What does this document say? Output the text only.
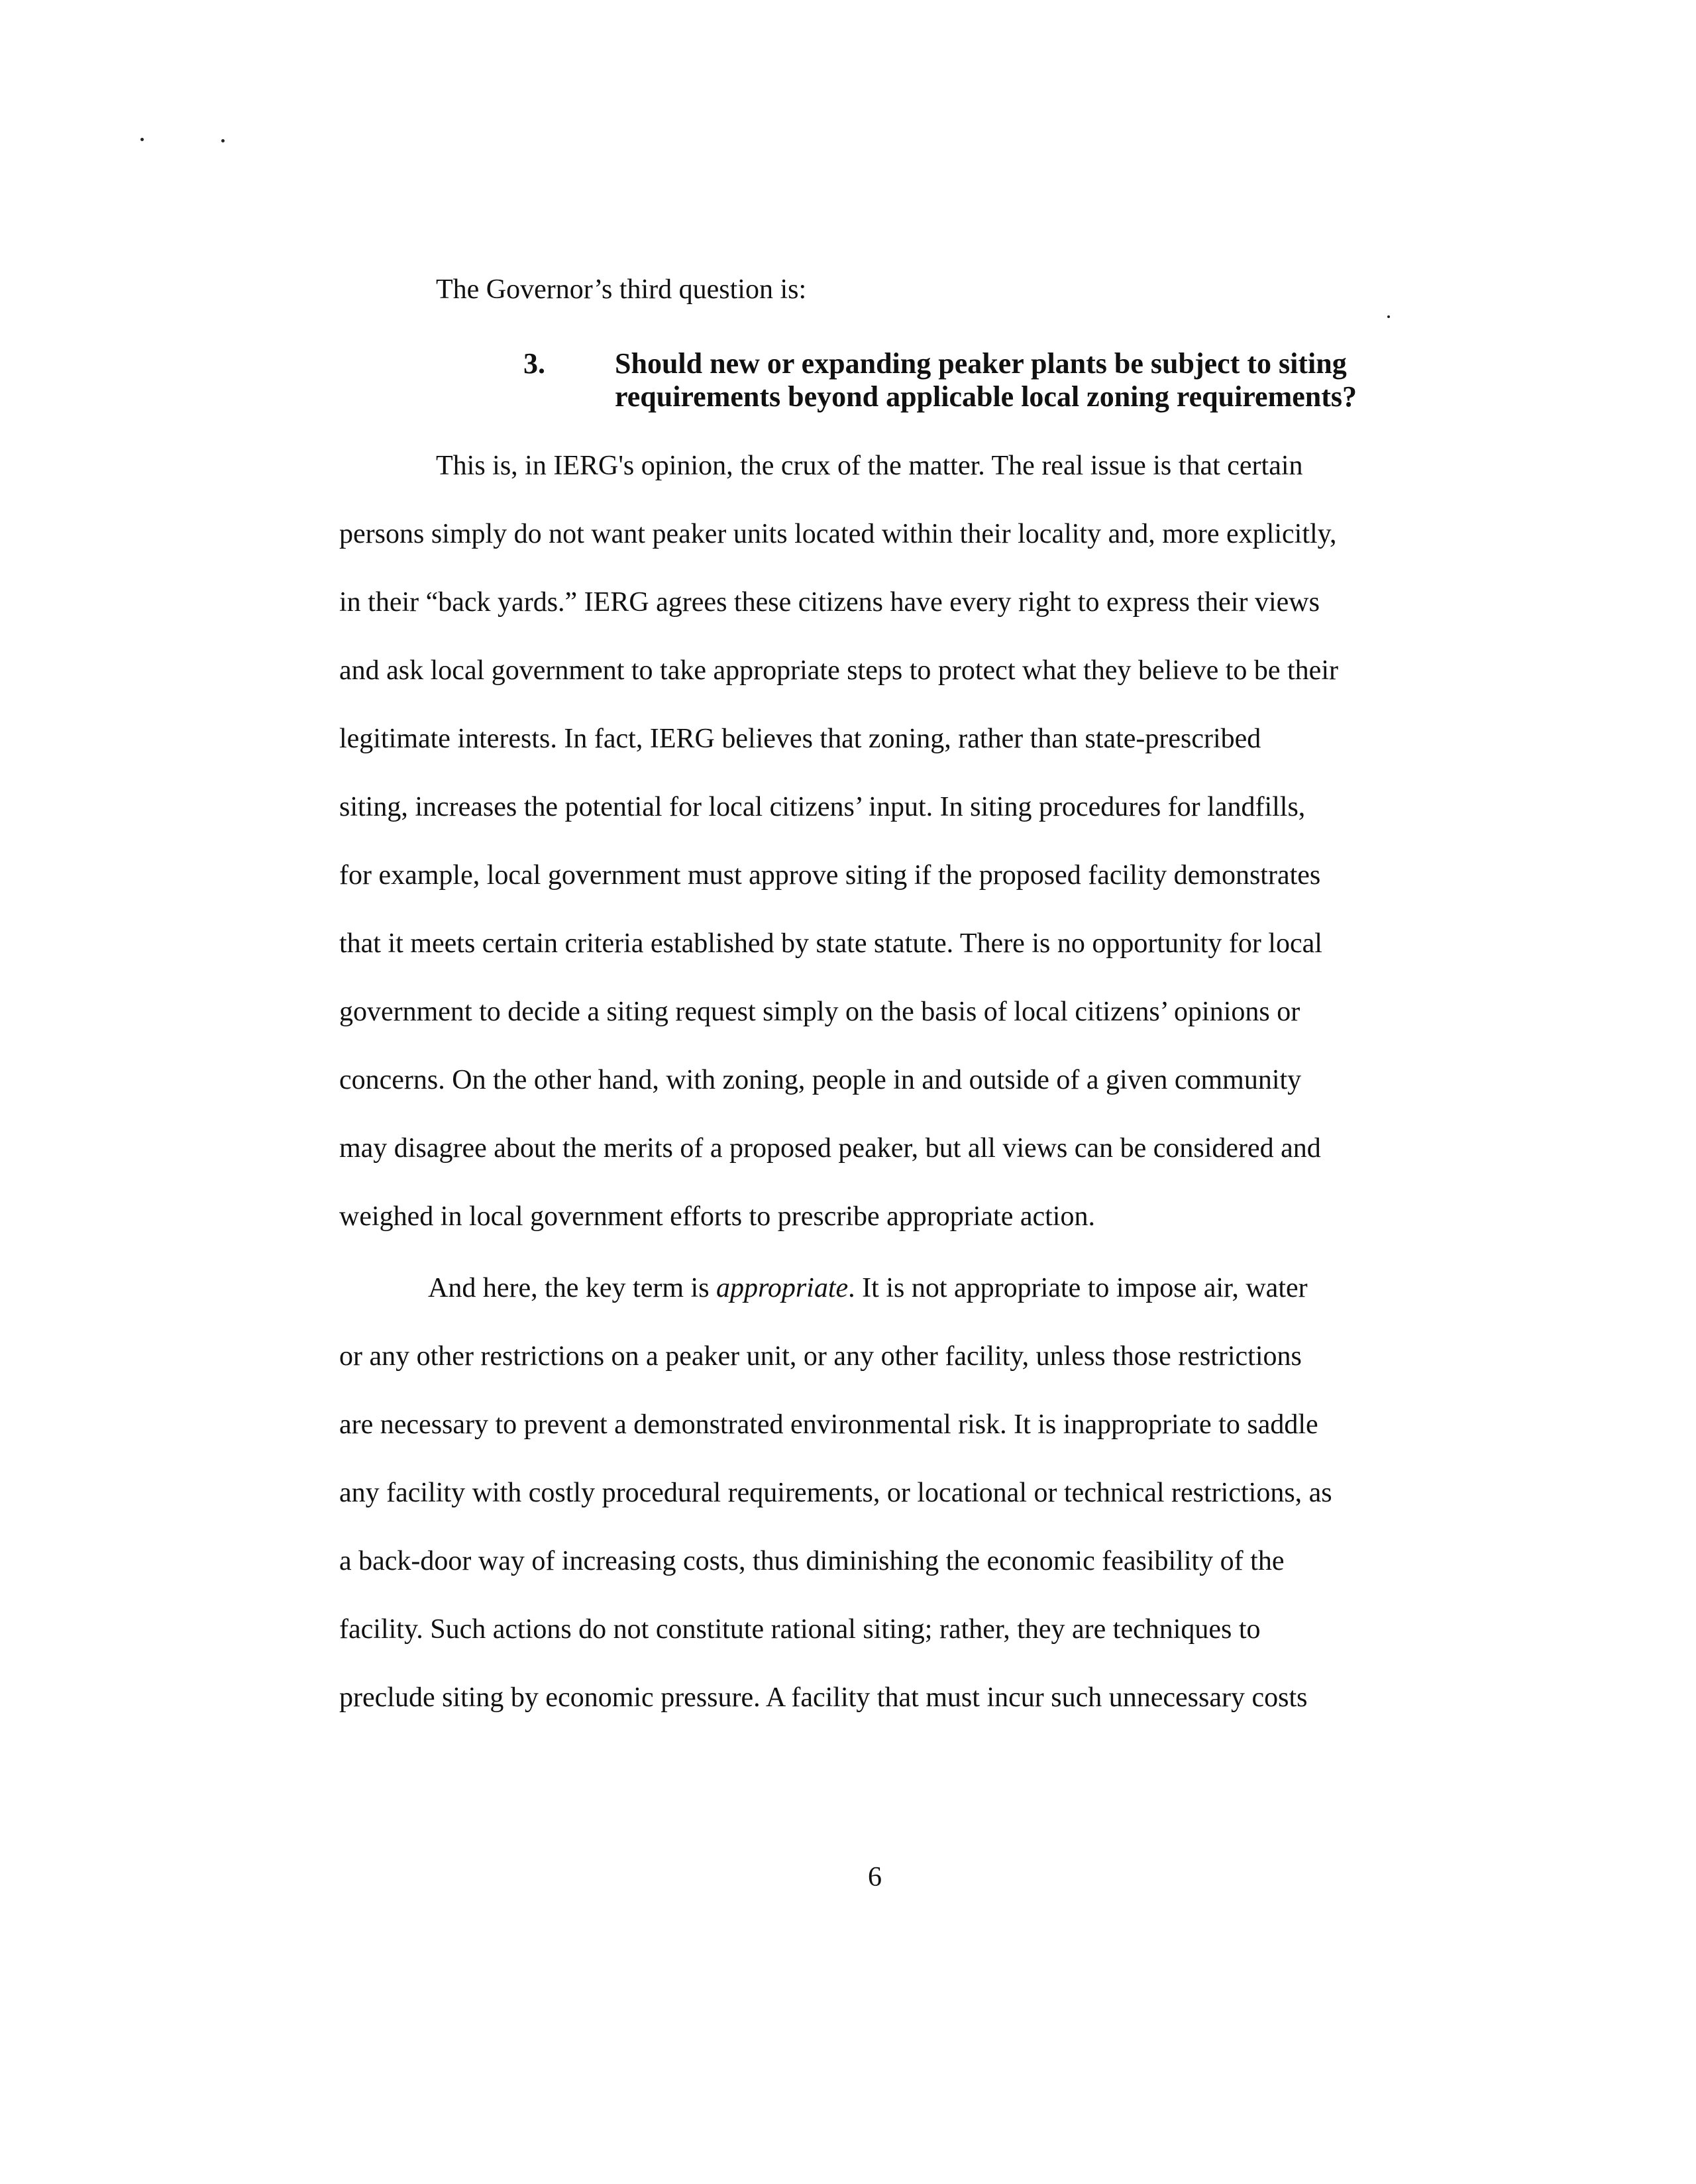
The Governor’s third question is:
3. Should new or expanding peaker plants be subject to siting
requirements beyond applicable local zoning requirements?
This is, in IERG's opinion, the crux of the matter. The real issue is that certain
persons simply do not want peaker units located within their locality and, more explicitly,
in their “back yards.” IERG agrees these citizens have every right to express their views
and ask local government to take appropriate steps to protect what they believe to be their
legitimate interests. In fact, IERG believes that zoning, rather than state-prescribed
siting, increases the potential for local citizens’ input. In siting procedures for landfills,
for example, local government must approve siting if the proposed facility demonstrates
that it meets certain criteria established by state statute. There is no opportunity for local
government to decide a siting request simply on the basis of local citizens’ opinions or
concerns. On the other hand, with zoning, people in and outside of a given community
may disagree about the merits of a proposed peaker, but all views can be considered and
weighed in local government efforts to prescribe appropriate action.
And here, the key term is appropriate. It is not appropriate to impose air, water
or any other restrictions on a peaker unit, or any other facility, unless those restrictions
are necessary to prevent a demonstrated environmental risk. It is inappropriate to saddle
any facility with costly procedural requirements, or locational or technical restrictions, as
a back-door way of increasing costs, thus diminishing the economic feasibility of the
facility. Such actions do not constitute rational siting; rather, they are techniques to
preclude siting by economic pressure. A facility that must incur such unnecessary costs
6
